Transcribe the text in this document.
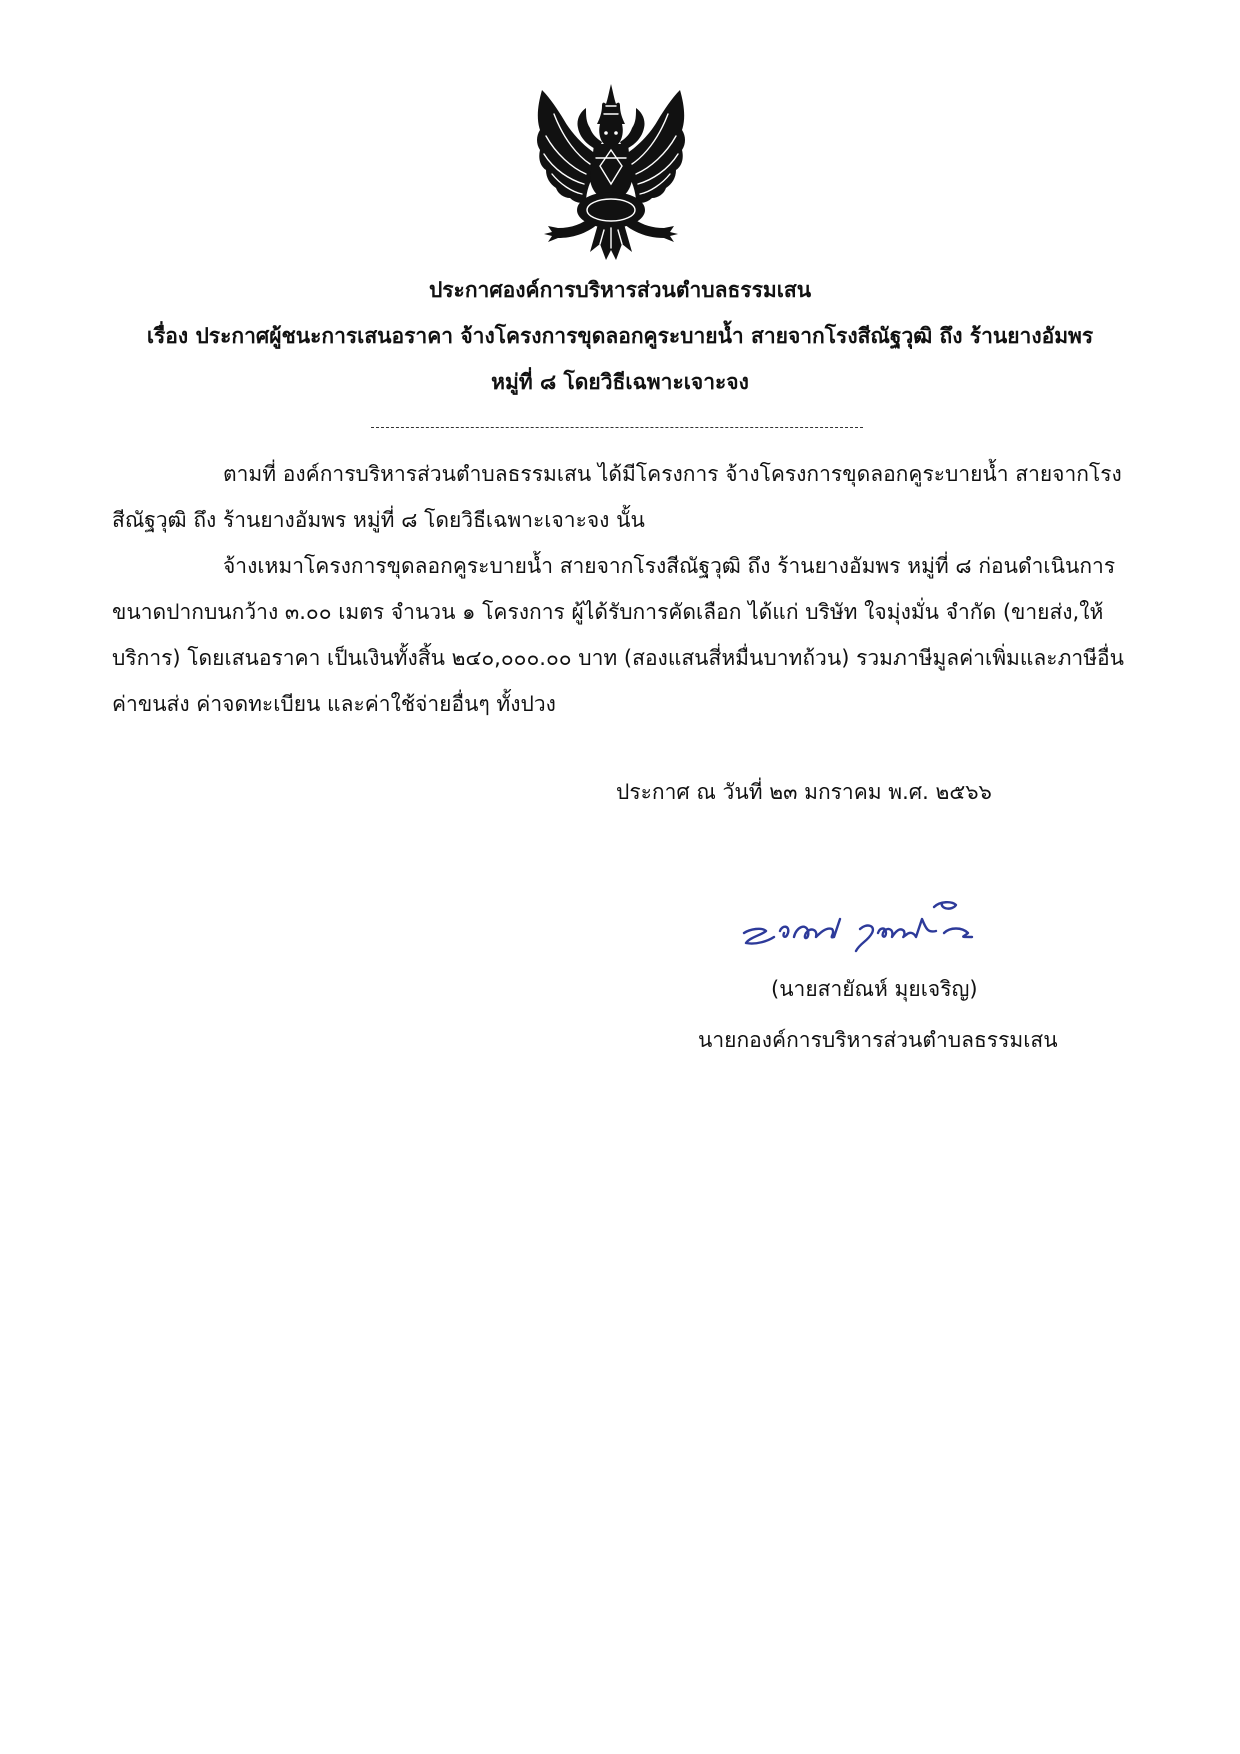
ประกาศองค์การบริหารส่วนตำบลธรรมเสน
เรื่อง ประกาศผู้ชนะการเสนอราคา จ้างโครงการขุดลอกคูระบายน้ำ สายจากโรงสีณัฐวุฒิ ถึง ร้านยางอัมพร
หมู่ที่ ๘ โดยวิธีเฉพาะเจาะจง
ตามที่ องค์การบริหารส่วนตำบลธรรมเสน ได้มีโครงการ จ้างโครงการขุดลอกคูระบายน้ำ สายจากโรง
สีณัฐวุฒิ ถึง ร้านยางอัมพร หมู่ที่ ๘ โดยวิธีเฉพาะเจาะจง นั้น
จ้างเหมาโครงการขุดลอกคูระบายน้ำ สายจากโรงสีณัฐวุฒิ ถึง ร้านยางอัมพร หมู่ที่ ๘ ก่อนดำเนินการ
ขนาดปากบนกว้าง ๓.๐๐ เมตร จำนวน ๑ โครงการ ผู้ได้รับการคัดเลือก ได้แก่ บริษัท ใจมุ่งมั่น จำกัด (ขายส่ง,ให้
บริการ) โดยเสนอราคา เป็นเงินทั้งสิ้น ๒๔๐,๐๐๐.๐๐ บาท (สองแสนสี่หมื่นบาทถ้วน) รวมภาษีมูลค่าเพิ่มและภาษีอื่น
ค่าขนส่ง ค่าจดทะเบียน และค่าใช้จ่ายอื่นๆ ทั้งปวง
ประกาศ ณ วันที่ ๒๓ มกราคม พ.ศ. ๒๕๖๖
(นายสายัณห์ มุยเจริญ)
นายกองค์การบริหารส่วนตำบลธรรมเสน
